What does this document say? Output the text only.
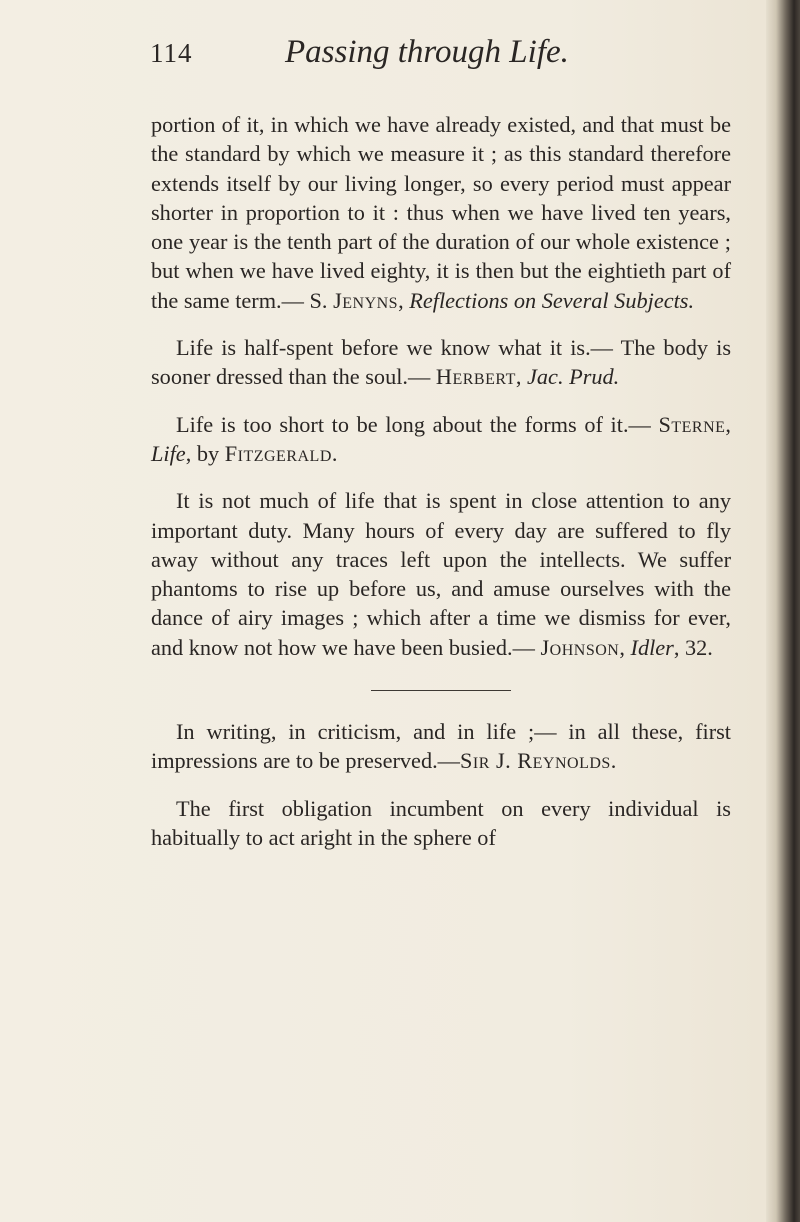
114	Passing through Life.

portion of it, in which we have already existed, and that must be the standard by which we measure it ; as this standard therefore extends itself by our living longer, so every period must appear shorter in proportion to it : thus when we have lived ten years, one year is the tenth part of the duration of our whole existence ; but when we have lived eighty, it is then but the eightieth part of the same term.— S. Jenyns, Reflections on Several Subjects.

Life is half-spent before we know what it is.— The body is sooner dressed than the soul.— Herbert, Jac. Prud.

Life is too short to be long about the forms of it.— Sterne, Life, by Fitzgerald.

It is not much of life that is spent in close attention to any important duty. Many hours of every day are suffered to fly away without any traces left upon the intellects. We suffer phantoms to rise up before us, and amuse ourselves with the dance of airy images ; which after a time we dismiss for ever, and know not how we have been busied.— Johnson, Idler, 32.

In writing, in criticism, and in life ;— in all these, first impressions are to be preserved.—Sir J. Reynolds.

The first obligation incumbent on every individual is habitually to act aright in the sphere of
